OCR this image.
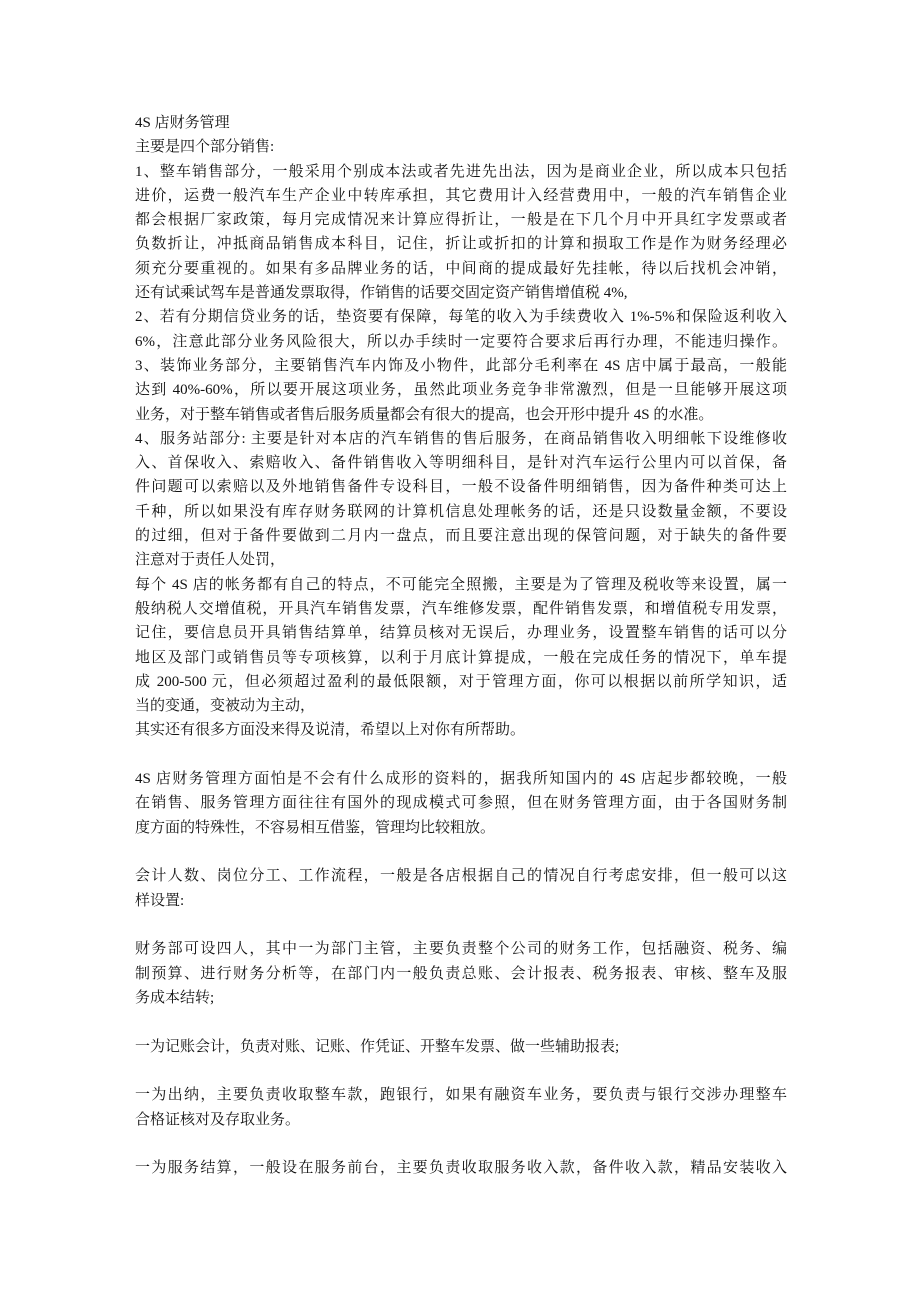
4S 店财务管理
主要是四个部分销售:
1、整车销售部分，一般采用个别成本法或者先进先出法，因为是商业企业，所以成本只包括
进价，运费一般汽车生产企业中转库承担，其它费用计入经营费用中，一般的汽车销售企业
都会根据厂家政策，每月完成情况来计算应得折让，一般是在下几个月中开具红字发票或者
负数折让，冲抵商品销售成本科目，记住，折让或折扣的计算和损取工作是作为财务经理必
须充分要重视的。如果有多品牌业务的话，中间商的提成最好先挂帐，待以后找机会冲销，
还有试乘试驾车是普通发票取得，作销售的话要交固定资产销售增值税 4%,
2、若有分期信贷业务的话，垫资要有保障，每笔的收入为手续费收入 1%-5%和保险返利收入
6%，注意此部分业务风险很大，所以办手续时一定要符合要求后再行办理，不能违归操作。
3、装饰业务部分，主要销售汽车内饰及小物件，此部分毛利率在 4S 店中属于最高，一般能
达到 40%-60%，所以要开展这项业务，虽然此项业务竞争非常激烈，但是一旦能够开展这项
业务，对于整车销售或者售后服务质量都会有很大的提高，也会开形中提升 4S 的水准。
4、服务站部分: 主要是针对本店的汽车销售的售后服务，在商品销售收入明细帐下设维修收
入、首保收入、索赔收入、备件销售收入等明细科目，是针对汽车运行公里内可以首保，备
件问题可以索赔以及外地销售备件专设科目，一般不设备件明细销售，因为备件种类可达上
千种，所以如果没有库存财务联网的计算机信息处理帐务的话，还是只设数量金额，不要设
的过细，但对于备件要做到二月内一盘点，而且要注意出现的保管问题，对于缺失的备件要
注意对于责任人处罚，
每个 4S 店的帐务都有自己的特点，不可能完全照搬，主要是为了管理及税收等来设置，属一
般纳税人交增值税，开具汽车销售发票，汽车维修发票，配件销售发票，和增值税专用发票，
记住，要信息员开具销售结算单，结算员核对无误后，办理业务，设置整车销售的话可以分
地区及部门或销售员等专项核算，以利于月底计算提成，一般在完成任务的情况下，单车提
成 200-500 元，但必须超过盈利的最低限额，对于管理方面，你可以根据以前所学知识，适
当的变通，变被动为主动，
其实还有很多方面没来得及说清，希望以上对你有所帮助。
4S 店财务管理方面怕是不会有什么成形的资料的，据我所知国内的 4S 店起步都较晚，一般
在销售、服务管理方面往往有国外的现成模式可参照，但在财务管理方面，由于各国财务制
度方面的特殊性，不容易相互借鉴，管理均比较粗放。
会计人数、岗位分工、工作流程，一般是各店根据自己的情况自行考虑安排，但一般可以这
样设置:
财务部可设四人，其中一为部门主管，主要负责整个公司的财务工作，包括融资、税务、编
制预算、进行财务分析等，在部门内一般负责总账、会计报表、税务报表、审核、整车及服
务成本结转;
一为记账会计，负责对账、记账、作凭证、开整车发票、做一些辅助报表;
一为出纳，主要负责收取整车款，跑银行，如果有融资车业务，要负责与银行交涉办理整车
合格证核对及存取业务。
一为服务结算，一般设在服务前台，主要负责收取服务收入款，备件收入款，精品安装收入
